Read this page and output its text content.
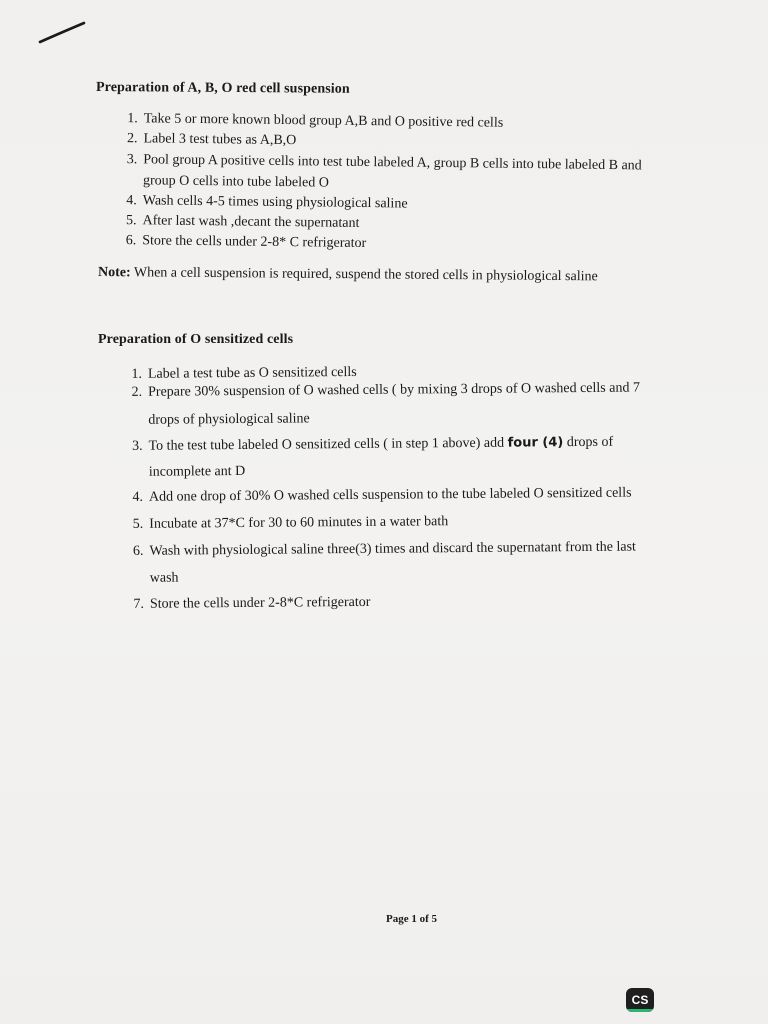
Preparation of A, B, O red cell suspension
1. Take 5 or more known blood group A,B and O positive red cells
2. Label 3 test tubes as A,B,O
3. Pool group A positive cells into test tube labeled A, group B cells into tube labeled B and
group O cells into tube labeled O
4. Wash cells 4-5 times using physiological saline
5. After last wash ,decant the supernatant
6. Store the cells under 2-8* C refrigerator
Note: When a cell suspension is required, suspend the stored cells in physiological saline
Preparation of O sensitized cells
1. Label a test tube as O sensitized cells
2. Prepare 30% suspension of O washed cells ( by mixing 3 drops of O washed cells and 7
drops of physiological saline
3. To the test tube labeled O sensitized cells ( in step 1 above) add four (4) drops of
incomplete ant D
4. Add one drop of 30% O washed cells suspension to the tube labeled O sensitized cells
5. Incubate at 37*C for 30 to 60 minutes in a water bath
6. Wash with physiological saline three(3) times and discard the supernatant from the last
wash
7. Store the cells under 2-8*C refrigerator
Page 1 of 5
CS
